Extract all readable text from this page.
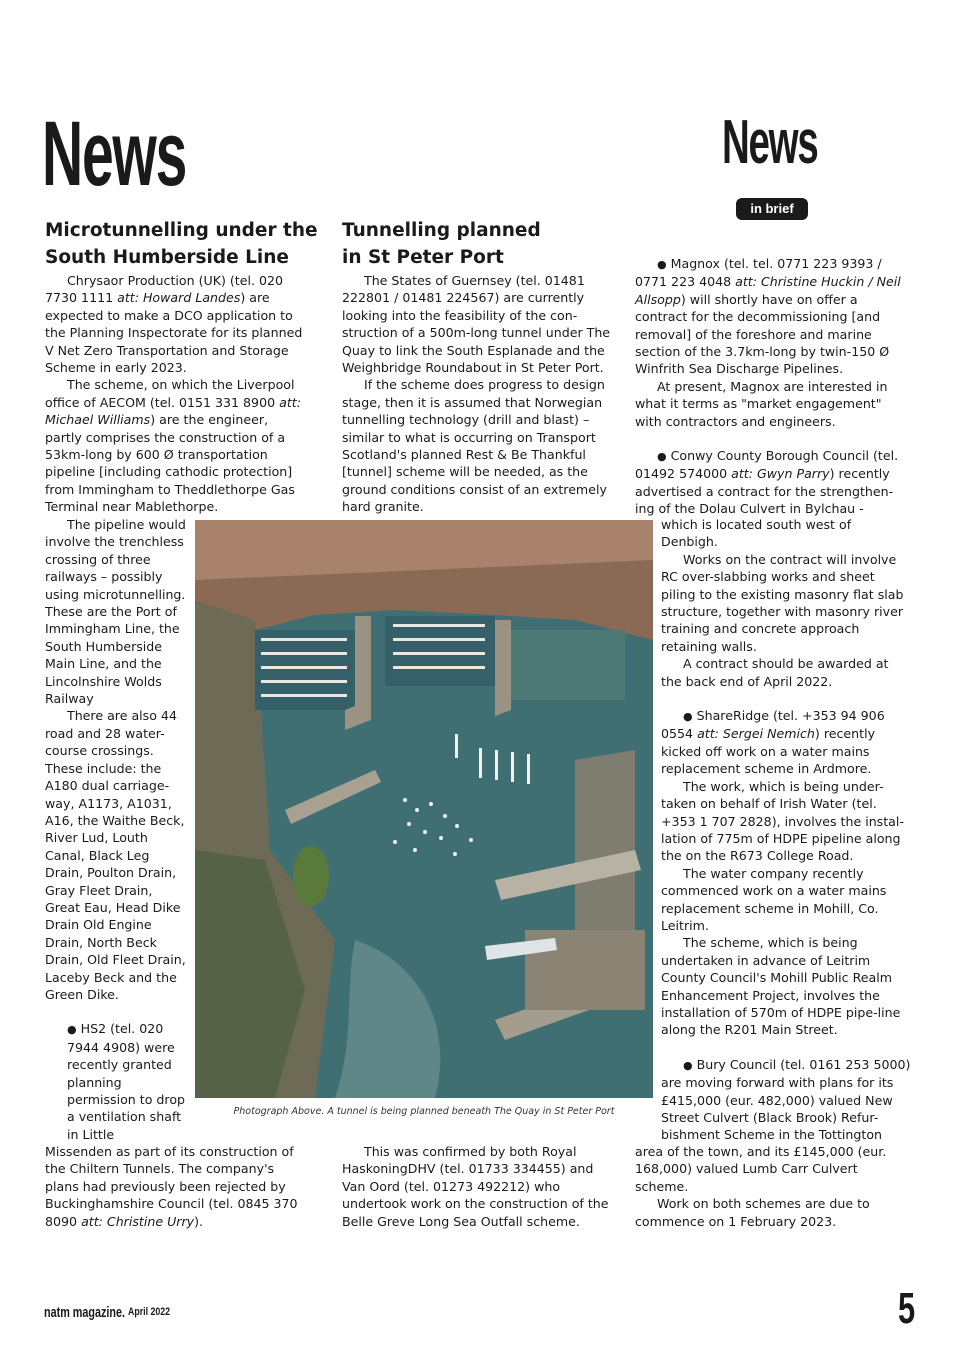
News	News
in brief
Microtunnelling under the
South Humberside Line

Chrysaor Production (UK) (tel. 020 7730 1111 att: Howard Landes) are expected to make a DCO application to the Planning Inspectorate for its planned V Net Zero Transportation and Storage Scheme in early 2023.

The scheme, on which the Liverpool office of AECOM (tel. 0151 331 8900 att: Michael Williams) are the engineer, partly comprises the construction of a 53km-long by 600 Ø transportation pipeline [including cathodic protection] from Immingham to Theddlethorpe Gas Terminal near Mablethorpe.

The pipeline would involve the trenchless crossing of three railways – possibly using microtunnelling. These are the Port of Immingham Line, the South Humberside Main Line, and the Lincolnshire Wolds Railway

There are also 44 road and 28 water-course crossings. These include: the A180 dual carriage-way, A1173, A1031, A16, the Waithe Beck, River Lud, Louth Canal, Black Leg Drain, Poulton Drain, Gray Fleet Drain, Great Eau, Head Dike Drain Old Engine Drain, North Beck Drain, Old Fleet Drain, Laceby Beck and the Green Dike.

● HS2 (tel. 020 7944 4908) were recently granted planning permission to drop a ventilation shaft in Little

Missenden as part of its construction of the Chiltern Tunnels. The company's plans had previously been rejected by Buckinghamshire Council (tel. 0845 370 8090 att: Christine Urry).

Tunnelling planned
in St Peter Port

The States of Guernsey (tel. 01481 222801 / 01481 224567) are currently looking into the feasibility of the con-struction of a 500m-long tunnel under The Quay to link the South Esplanade and the Weighbridge Roundabout in St Peter Port.

If the scheme does progress to design stage, then it is assumed that Norwegian tunnelling technology (drill and blast) – similar to what is occurring on Transport Scotland's planned Rest & Be Thankful [tunnel] scheme will be needed, as the ground conditions consist of an extremely hard granite.

This was confirmed by both Royal HaskoningDHV (tel. 01733 334455) and Van Oord (tel. 01273 492212) who undertook work on the construction of the Belle Greve Long Sea Outfall scheme.

Photograph Above. A tunnel is being planned beneath The Quay in St Peter Port

● Magnox (tel. tel. 0771 223 9393 / 0771 223 4048 att: Christine Huckin / Neil Allsopp) will shortly have on offer a contract for the decommissioning [and removal] of the foreshore and marine section of the 3.7km-long by twin-150 Ø Winfrith Sea Discharge Pipelines.

At present, Magnox are interested in what it terms as "market engagement" with contractors and engineers.

● Conwy County Borough Council (tel. 01492 574000 att: Gwyn Parry) recently advertised a contract for the strengthen-ing of the Dolau Culvert in Bylchau -

which is located south west of Denbigh.

Works on the contract will involve RC over-slabbing works and sheet piling to the existing masonry flat slab structure, together with masonry river training and concrete approach retaining walls.

A contract should be awarded at the back end of April 2022.

● ShareRidge (tel. +353 94 906 0554 att: Sergei Nemich) recently kicked off work on a water mains replacement scheme in Ardmore.

The work, which is being under-taken on behalf of Irish Water (tel. +353 1 707 2828), involves the instal-lation of 775m of HDPE pipeline along the on the R673 College Road.

The water company recently commenced work on a water mains replacement scheme in Mohill, Co. Leitrim.

The scheme, which is being undertaken in advance of Leitrim County Council's Mohill Public Realm Enhancement Project, involves the installation of 570m of HDPE pipe-line along the R201 Main Street.

● Bury Council (tel. 0161 253 5000) are moving forward with plans for its £415,000 (eur. 482,000) valued New Street Culvert (Black Brook) Refur-bishment Scheme in the Tottington

area of the town, and its £145,000 (eur. 168,000) valued Lumb Carr Culvert scheme.

Work on both schemes are due to commence on 1 February 2023.

natm magazine. April 2022	5
